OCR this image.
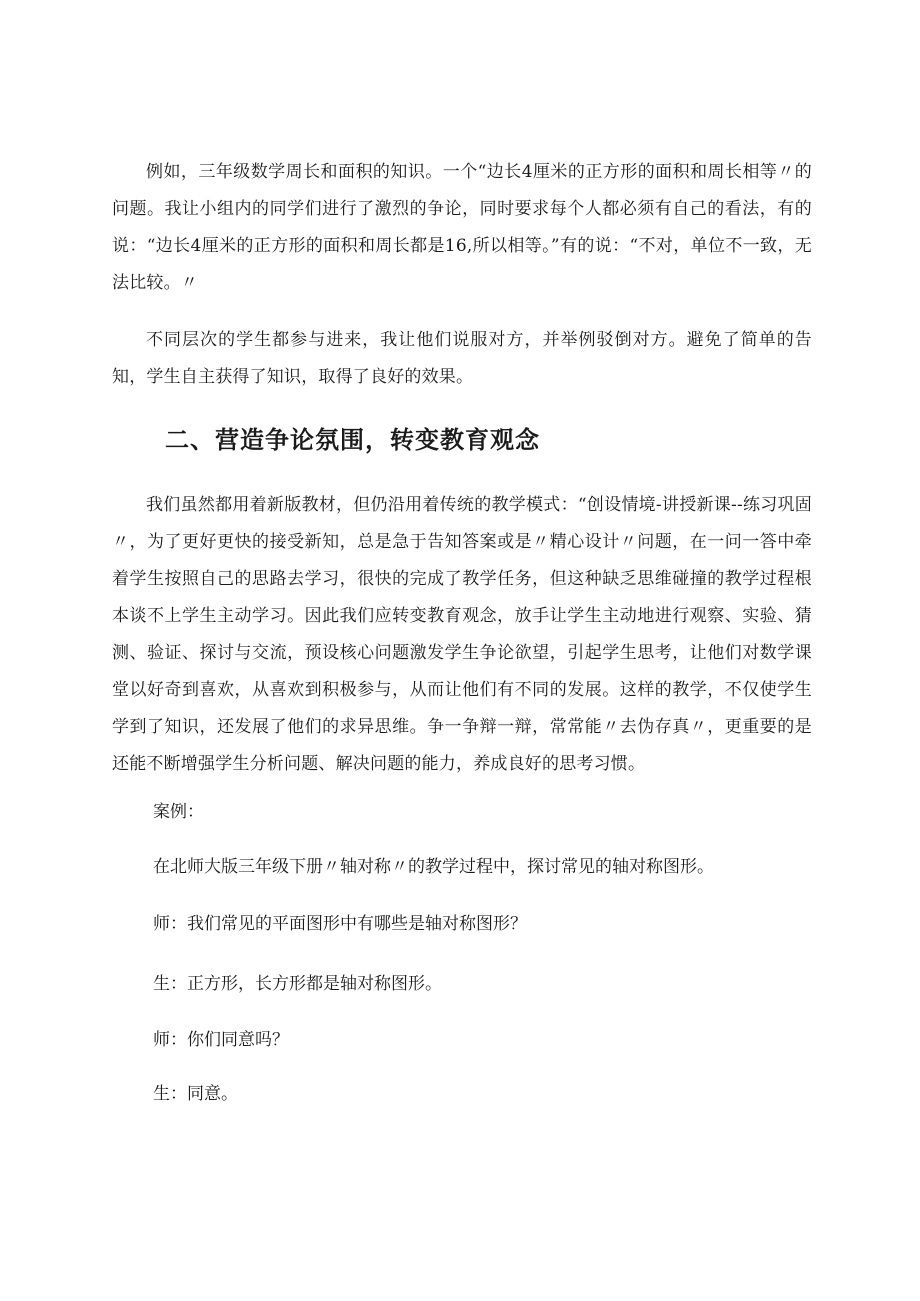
例如，三年级数学周长和面积的知识。一个“边长4厘米的正方形的面积和周长相等〃的问题。我让小组内的同学们进行了激烈的争论，同时要求每个人都必须有自己的看法，有的说：“边长4厘米的正方形的面积和周长都是16,所以相等。”有的说：“不对，单位不一致，无法比较。〃

不同层次的学生都参与进来，我让他们说服对方，并举例驳倒对方。避免了简单的告知，学生自主获得了知识，取得了良好的效果。

二、营造争论氛围，转变教育观念

我们虽然都用着新版教材，但仍沿用着传统的教学模式：“创设情境-讲授新课--练习巩固〃，为了更好更快的接受新知，总是急于告知答案或是〃精心设计〃问题，在一问一答中牵着学生按照自己的思路去学习，很快的完成了教学任务，但这种缺乏思维碰撞的教学过程根本谈不上学生主动学习。因此我们应转变教育观念，放手让学生主动地进行观察、实验、猜测、验证、探讨与交流，预设核心问题激发学生争论欲望，引起学生思考，让他们对数学课堂以好奇到喜欢，从喜欢到积极参与，从而让他们有不同的发展。这样的教学，不仅使学生学到了知识，还发展了他们的求异思维。争一争辩一辩，常常能〃去伪存真〃，更重要的是还能不断增强学生分析问题、解决问题的能力，养成良好的思考习惯。

案例：

在北师大版三年级下册〃轴对称〃的教学过程中，探讨常见的轴对称图形。

师：我们常见的平面图形中有哪些是轴对称图形？

生：正方形，长方形都是轴对称图形。

师：你们同意吗？

生：同意。
